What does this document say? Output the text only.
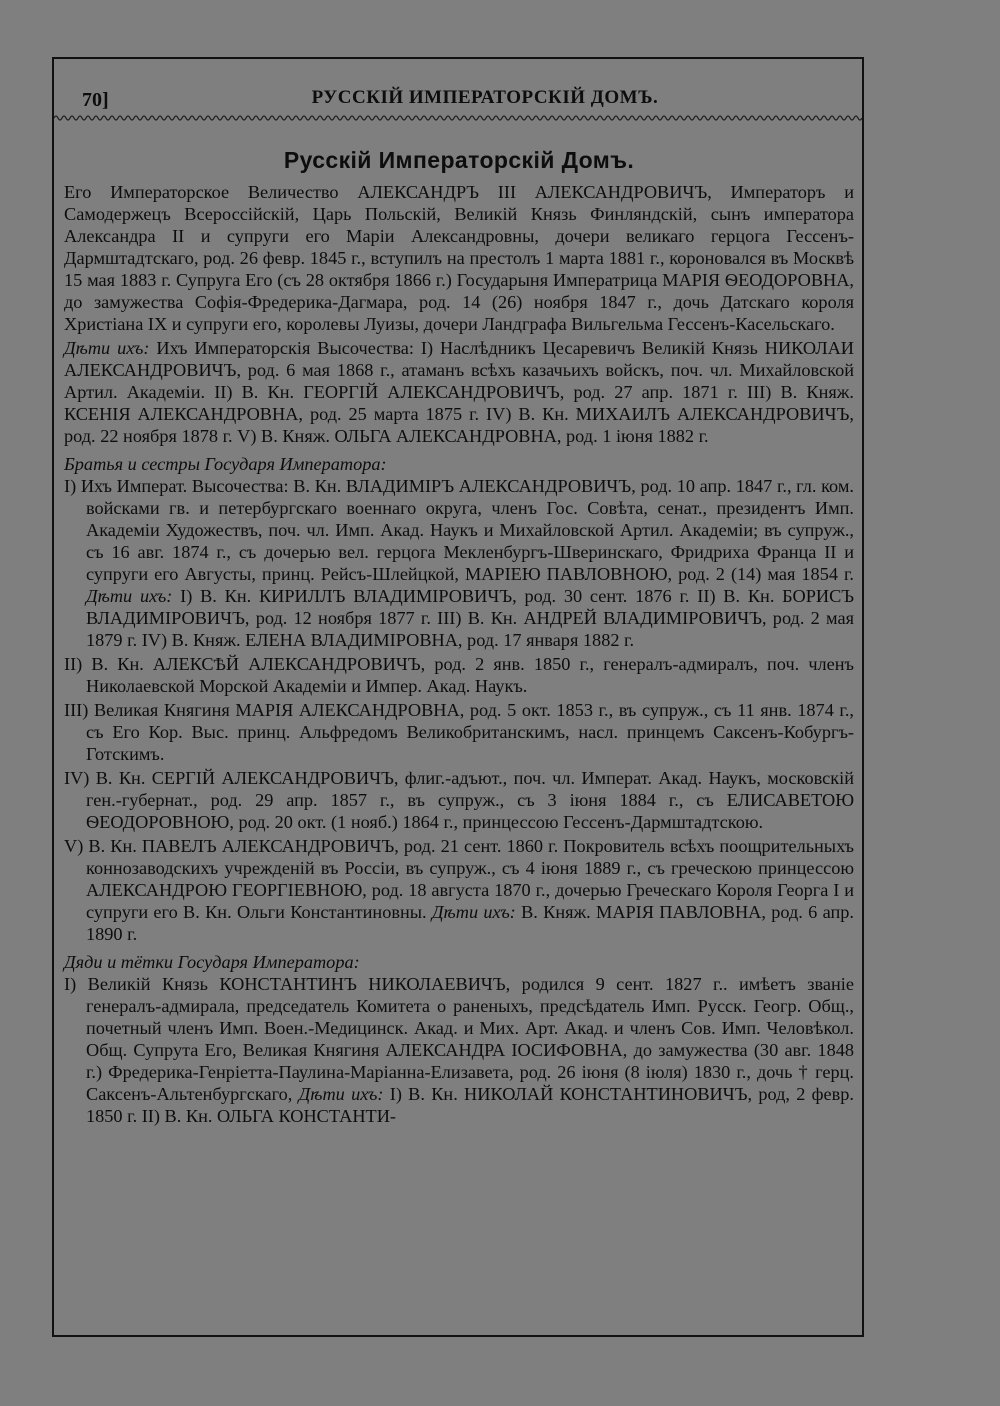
70]	РУССКІЙ ИМПЕРАТОРСКІЙ ДОМЪ.
Русскій Императорскій Домъ.

Его Императорское Величество АЛЕКСАНДРЪ III АЛЕКСАНДРОВИЧЪ, Императоръ и Самодержецъ Всероссійскій, Царь Польскій, Великій Князь Финляндскій, сынъ императора Александра II и супруги его Маріи Александровны, дочери великаго герцога Гессенъ-Дармштадтскаго, род. 26 февр. 1845 г., вступилъ на престолъ 1 марта 1881 г., короновался въ Москвѣ 15 мая 1883 г. Супруга Его (съ 28 октября 1866 г.) Государыня Императрица МАРІЯ ѲЕОДОРОВНА, до замужества Софія-Фредерика-Дагмара, род. 14 (26) ноября 1847 г., дочь Датскаго короля Христіана IX и супруги его, королевы Луизы, дочери Ландграфа Вильгельма Гессенъ-Касельскаго.

Дѣти ихъ: Ихъ Императорскія Высочества: I) Наслѣдникъ Цесаревичъ Великій Князь НИКОЛАИ АЛЕКСАНДРОВИЧЪ, род. 6 мая 1868 г., атаманъ всѣхъ казачьихъ войскъ, поч. чл. Михайловской Артил. Академіи. II) В. Кн. ГЕОРГІЙ АЛЕКСАНДРОВИЧЪ, род. 27 апр. 1871 г. III) В. Княж. КСЕНІЯ АЛЕКСАНДРОВНА, род. 25 марта 1875 г. IV) В. Кн. МИХАИЛЪ АЛЕКСАНДРОВИЧЪ, род. 22 ноября 1878 г. V) В. Княж. ОЛЬГА АЛЕКСАНДРОВНА, род. 1 іюня 1882 г.

Братья и сестры Государя Императора:

I) Ихъ Императ. Высочества: В. Кн. ВЛАДИМІРЪ АЛЕКСАНДРОВИЧЪ, род. 10 апр. 1847 г., гл. ком. войсками гв. и петербургскаго военнаго округа, членъ Гос. Совѣта, сенат., президентъ Имп. Академіи Художествъ, поч. чл. Имп. Акад. Наукъ и Михайловской Артил. Академіи; въ супруж., съ 16 авг. 1874 г., съ дочерью вел. герцога Мекленбургъ-Шверинскаго, Фридриха Франца II и супруги его Августы, принц. Рейсъ-Шлейцкой, МАРІЕЮ ПАВЛОВНОЮ, род. 2 (14) мая 1854 г. Дѣти ихъ: I) В. Кн. КИРИЛЛЪ ВЛАДИМІРОВИЧЪ, род. 30 сент. 1876 г. II) В. Кн. БОРИСЪ ВЛАДИМІРОВИЧЪ, род. 12 ноября 1877 г. III) В. Кн. АНДРЕЙ ВЛАДИМІРОВИЧЪ, род. 2 мая 1879 г. IV) В. Княж. ЕЛЕНА ВЛАДИМІРОВНА, род. 17 января 1882 г.

II) В. Кн. АЛЕКСѢЙ АЛЕКСАНДРОВИЧЪ, род. 2 янв. 1850 г., генералъ-адмиралъ, поч. членъ Николаевской Морской Академіи и Импер. Акад. Наукъ.

III) Великая Княгиня МАРІЯ АЛЕКСАНДРОВНА, род. 5 окт. 1853 г., въ супруж., съ 11 янв. 1874 г., съ Его Кор. Выс. принц. Альфредомъ Великобританскимъ, насл. принцемъ Саксенъ-Кобургъ-Готскимъ.

IV) В. Кн. СЕРГІЙ АЛЕКСАНДРОВИЧЪ, флиг.-адъют., поч. чл. Императ. Акад. Наукъ, московскій ген.-губернат., род. 29 апр. 1857 г., въ супруж., съ 3 іюня 1884 г., съ ЕЛИСАВЕТОЮ ѲЕОДОРОВНОЮ, род. 20 окт. (1 нояб.) 1864 г., принцессою Гессенъ-Дармштадтскою.

V) В. Кн. ПАВЕЛЪ АЛЕКСАНДРОВИЧЪ, род. 21 сент. 1860 г. Покровитель всѣхъ поощрительныхъ коннозаводскихъ учрежденій въ Россіи, въ супруж., съ 4 іюня 1889 г., съ греческою принцессою АЛЕКСАНДРОЮ ГЕОРГІЕВНОЮ, род. 18 августа 1870 г., дочерью Греческаго Короля Георга I и супруги его В. Кн. Ольги Константиновны. Дѣти ихъ: В. Княж. МАРІЯ ПАВЛОВНА, род. 6 апр. 1890 г.

Дяди и тётки Государя Императора:

I) Великій Князь КОНСТАНТИНЪ НИКОЛАЕВИЧЪ, родился 9 сент. 1827 г.. имѣетъ званіе генералъ-адмирала, председатель Комитета о раненыхъ, предсѣдатель Имп. Русск. Геогр. Общ., почетный членъ Имп. Воен.-Медицинск. Акад. и Мих. Арт. Акад. и членъ Сов. Имп. Человѣкол. Общ. Супрута Его, Великая Княгиня АЛЕКСАНДРА ІОСИФОВНА, до замужества (30 авг. 1848 г.) Фредерика-Генріетта-Паулина-Маріанна-Елизавета, род. 26 іюня (8 іюля) 1830 г., дочь † герц. Саксенъ-Альтенбургскаго, Дѣти ихъ: I) В. Кн. НИКОЛАЙ КОНСТАНТИНОВИЧЪ, род, 2 февр. 1850 г. II) В. Кн. ОЛЬГА КОНСТАНТИ-
